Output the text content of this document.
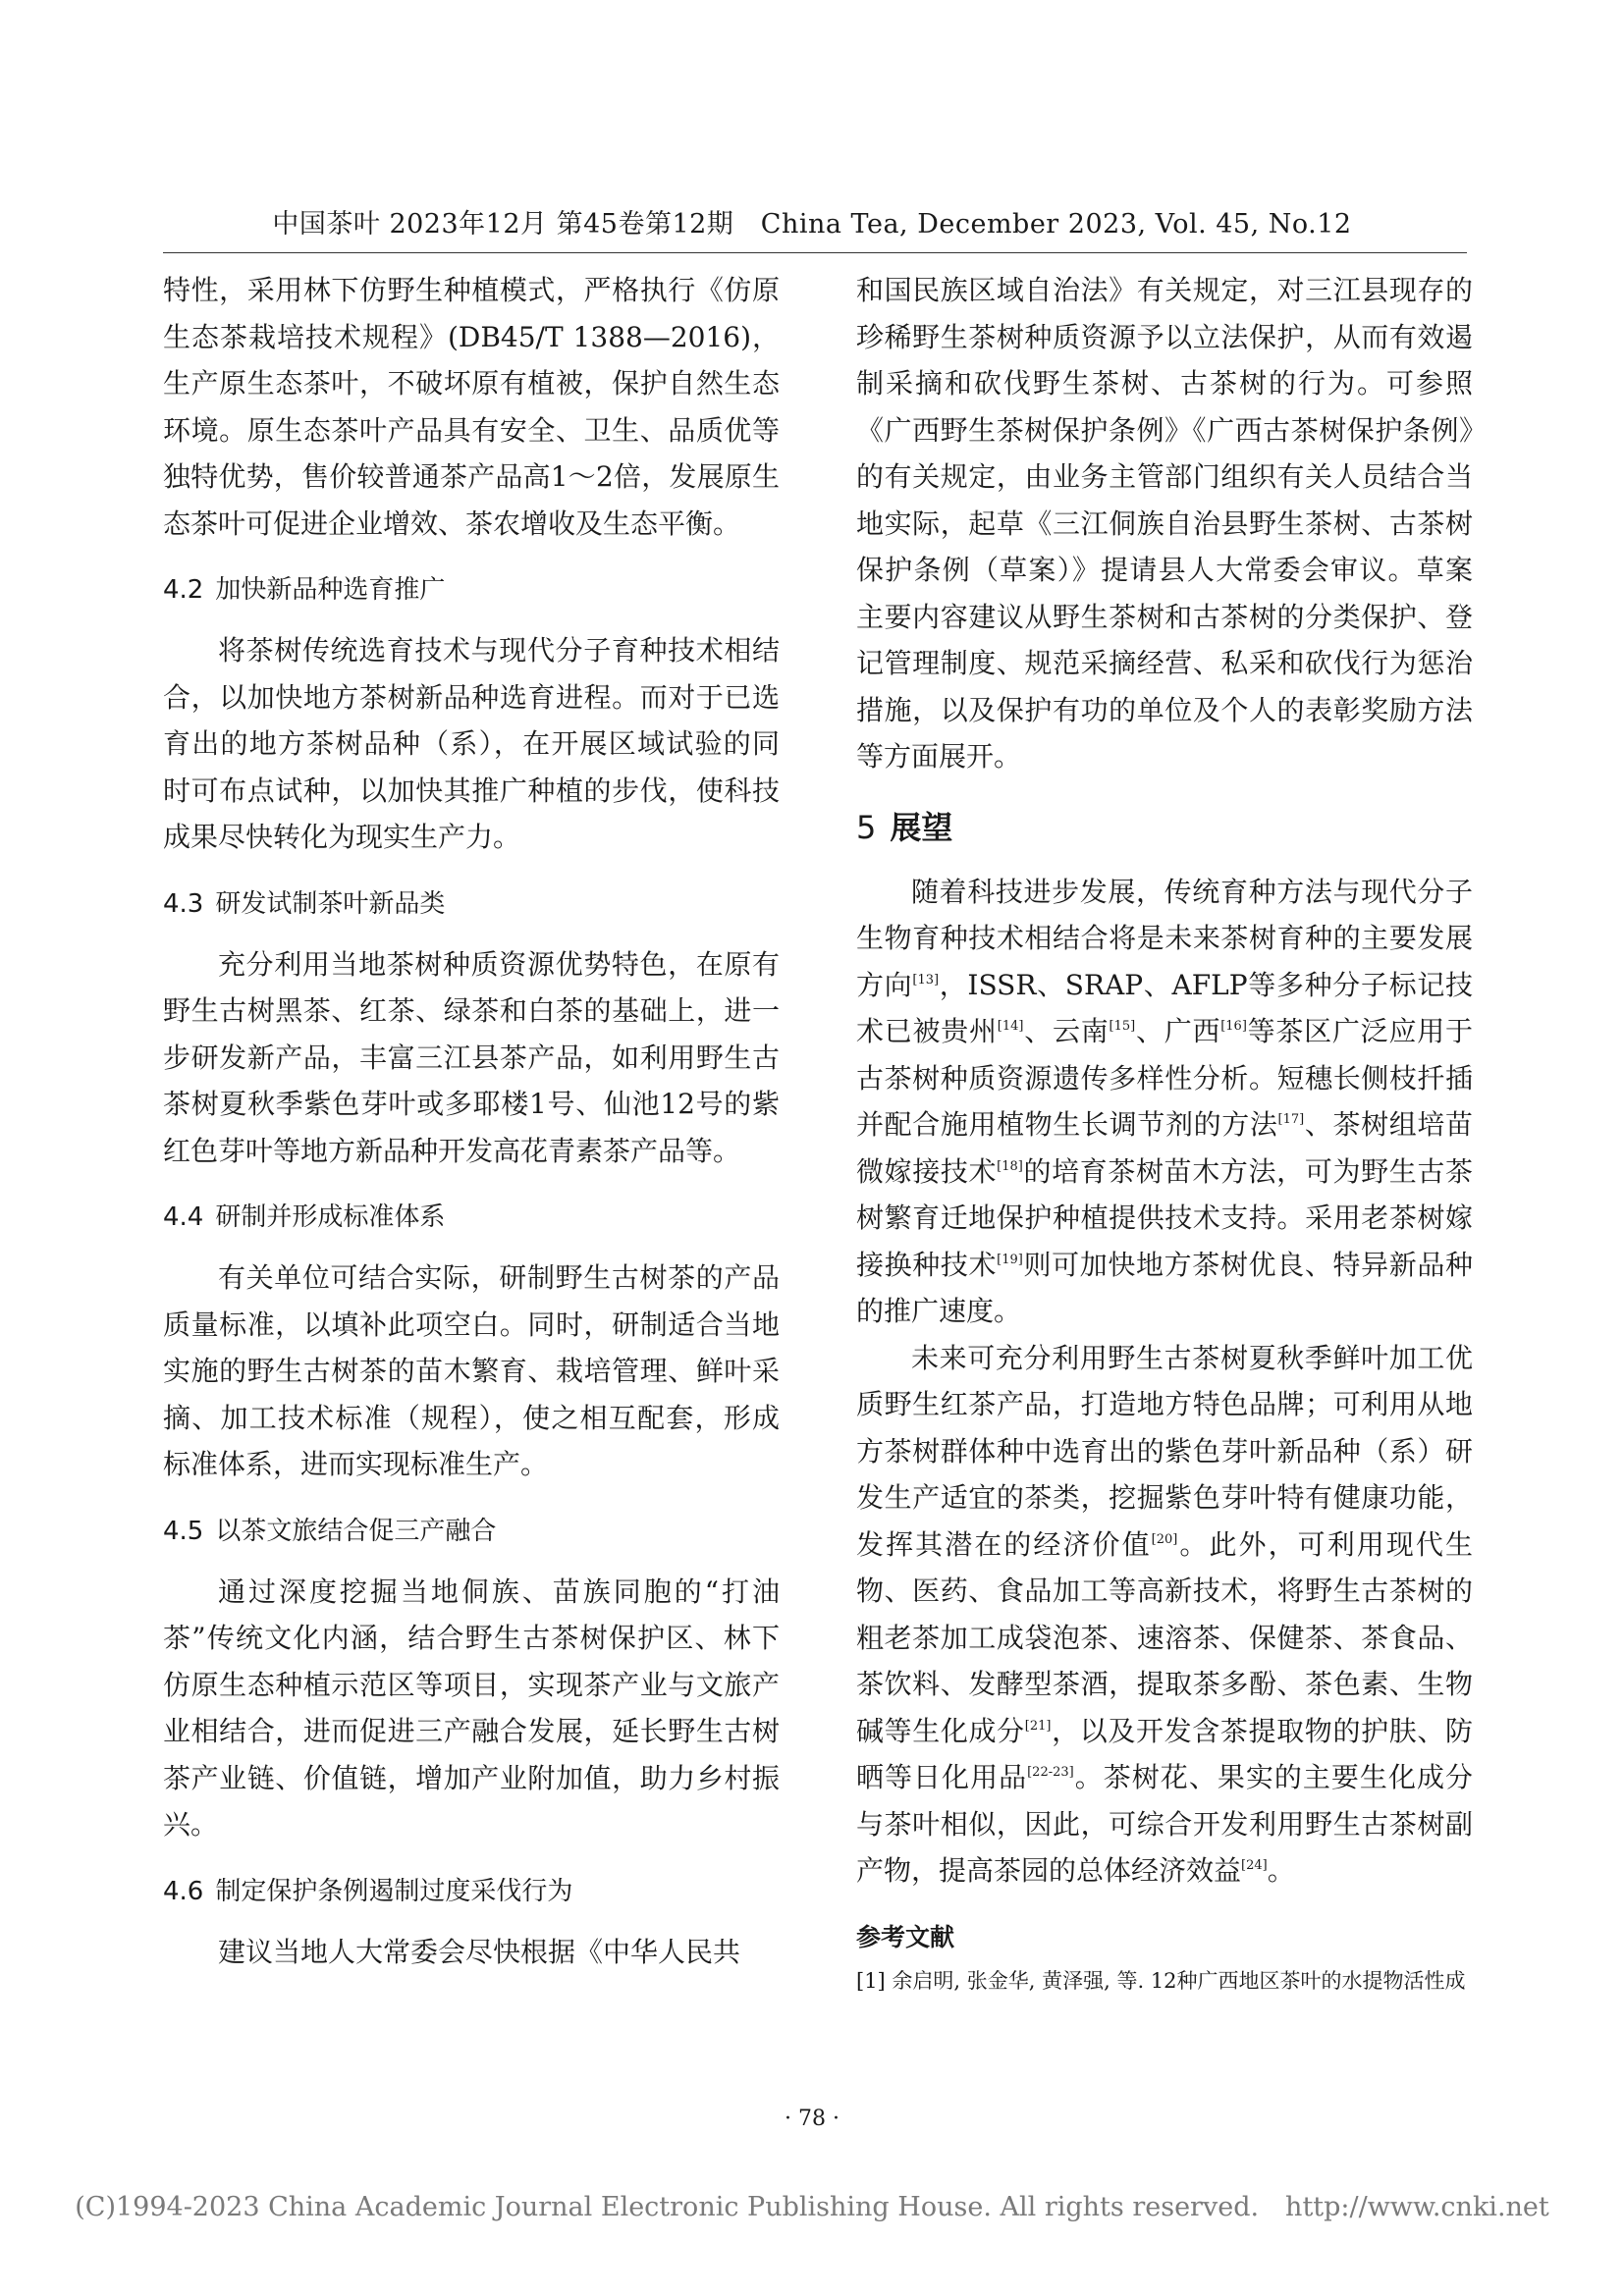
中国茶叶 2023年12月 第45卷第12期　China Tea, December 2023, Vol. 45, No.12

特性，采用林下仿野生种植模式，严格执行《仿原生态茶栽培技术规程》(DB45/T 1388—2016)，生产原生态茶叶，不破坏原有植被，保护自然生态环境。原生态茶叶产品具有安全、卫生、品质优等独特优势，售价较普通茶产品高1～2倍，发展原生态茶叶可促进企业增效、茶农增收及生态平衡。

4.2 加快新品种选育推广

将茶树传统选育技术与现代分子育种技术相结合，以加快地方茶树新品种选育进程。而对于已选育出的地方茶树品种（系），在开展区域试验的同时可布点试种，以加快其推广种植的步伐，使科技成果尽快转化为现实生产力。

4.3 研发试制茶叶新品类

充分利用当地茶树种质资源优势特色，在原有野生古树黑茶、红茶、绿茶和白茶的基础上，进一步研发新产品，丰富三江县茶产品，如利用野生古茶树夏秋季紫色芽叶或多耶楼1号、仙池12号的紫红色芽叶等地方新品种开发高花青素茶产品等。

4.4 研制并形成标准体系

有关单位可结合实际，研制野生古树茶的产品质量标准，以填补此项空白。同时，研制适合当地实施的野生古树茶的苗木繁育、栽培管理、鲜叶采摘、加工技术标准（规程），使之相互配套，形成标准体系，进而实现标准生产。

4.5 以茶文旅结合促三产融合

通过深度挖掘当地侗族、苗族同胞的“打油茶”传统文化内涵，结合野生古茶树保护区、林下仿原生态种植示范区等项目，实现茶产业与文旅产业相结合，进而促进三产融合发展，延长野生古树茶产业链、价值链，增加产业附加值，助力乡村振兴。

4.6 制定保护条例遏制过度采伐行为

建议当地人大常委会尽快根据《中华人民共

和国民族区域自治法》有关规定，对三江县现存的珍稀野生茶树种质资源予以立法保护，从而有效遏制采摘和砍伐野生茶树、古茶树的行为。可参照《广西野生茶树保护条例》《广西古茶树保护条例》的有关规定，由业务主管部门组织有关人员结合当地实际，起草《三江侗族自治县野生茶树、古茶树保护条例（草案）》提请县人大常委会审议。草案主要内容建议从野生茶树和古茶树的分类保护、登记管理制度、规范采摘经营、私采和砍伐行为惩治措施，以及保护有功的单位及个人的表彰奖励方法等方面展开。

5 展望

随着科技进步发展，传统育种方法与现代分子生物育种技术相结合将是未来茶树育种的主要发展方向[13]，ISSR、SRAP、AFLP等多种分子标记技术已被贵州[14]、云南[15]、广西[16]等茶区广泛应用于古茶树种质资源遗传多样性分析。短穗长侧枝扦插并配合施用植物生长调节剂的方法[17]、茶树组培苗微嫁接技术[18]的培育茶树苗木方法，可为野生古茶树繁育迁地保护种植提供技术支持。采用老茶树嫁接换种技术[19]则可加快地方茶树优良、特异新品种的推广速度。

未来可充分利用野生古茶树夏秋季鲜叶加工优质野生红茶产品，打造地方特色品牌；可利用从地方茶树群体种中选育出的紫色芽叶新品种（系）研发生产适宜的茶类，挖掘紫色芽叶特有健康功能，发挥其潜在的经济价值[20]。此外，可利用现代生物、医药、食品加工等高新技术，将野生古茶树的粗老茶加工成袋泡茶、速溶茶、保健茶、茶食品、茶饮料、发酵型茶酒，提取茶多酚、茶色素、生物碱等生化成分[21]，以及开发含茶提取物的护肤、防晒等日化用品[22-23]。茶树花、果实的主要生化成分与茶叶相似，因此，可综合开发利用野生古茶树副产物，提高茶园的总体经济效益[24]。

参考文献

[1] 余启明, 张金华, 黄泽强, 等. 12种广西地区茶叶的水提物活性成

· 78 ·
(C)1994-2023 China Academic Journal Electronic Publishing House. All rights reserved.　http://www.cnki.net
